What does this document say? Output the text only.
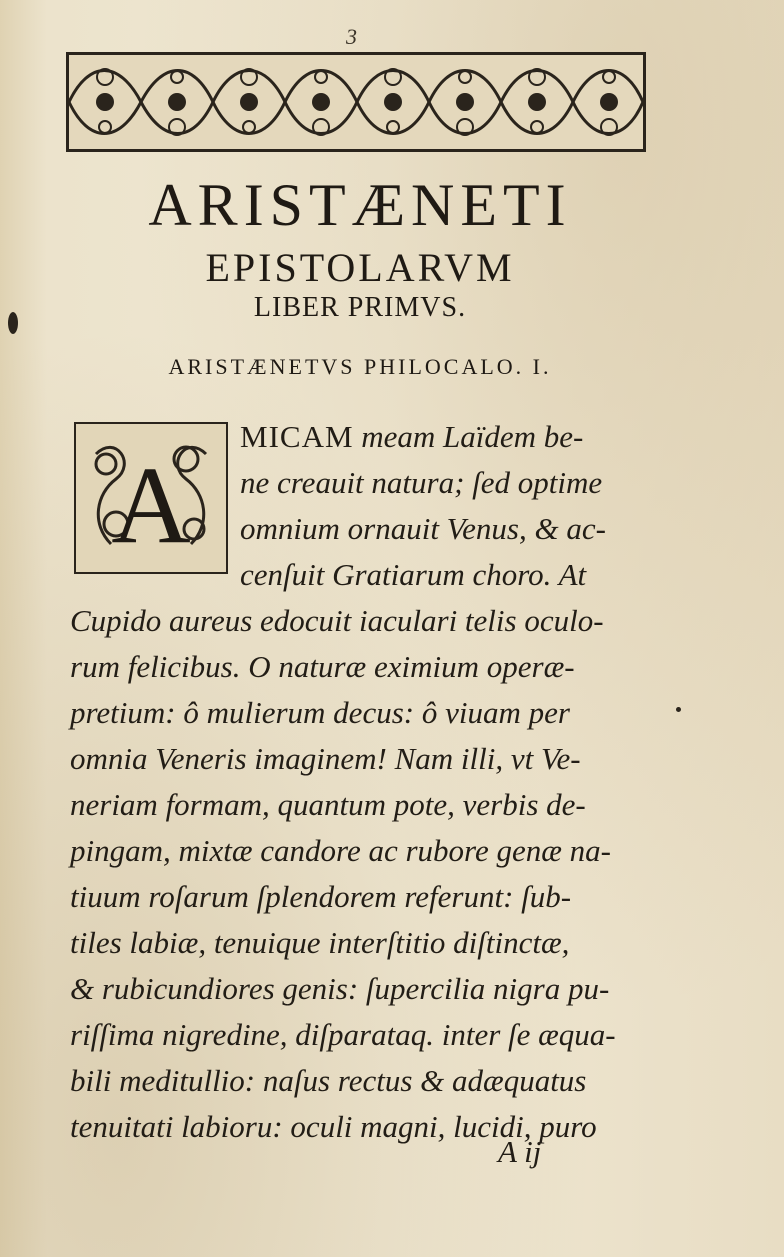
3
ARISTÆNETI
EPISTOLARVM
LIBER PRIMVS.
ARISTÆNETVS PHILOCALO. I.
A
MICAM meam Laïdem be-
ne creauit natura; ſed optime
omnium ornauit Venus, & ac-
cenſuit Gratiarum choro. At
Cupido aureus edocuit iaculari telis oculo-
rum felicibus. O naturæ eximium operæ-
pretium: ô mulierum decus: ô viuam per
omnia Veneris imaginem! Nam illi, vt Ve-
neriam formam, quantum pote, verbis de-
pingam, mixtæ candore ac rubore genæ na-
tiuum roſarum ſplendorem referunt: ſub-
tiles labiæ, tenuique interſtitio diſtinctæ,
& rubicundiores genis: ſupercilia nigra pu-
riſſima nigredine, diſparataq. inter ſe æqua-
bili meditullio: naſus rectus & adæquatus
tenuitati labioru: oculi magni, lucidi, puro
A ij
